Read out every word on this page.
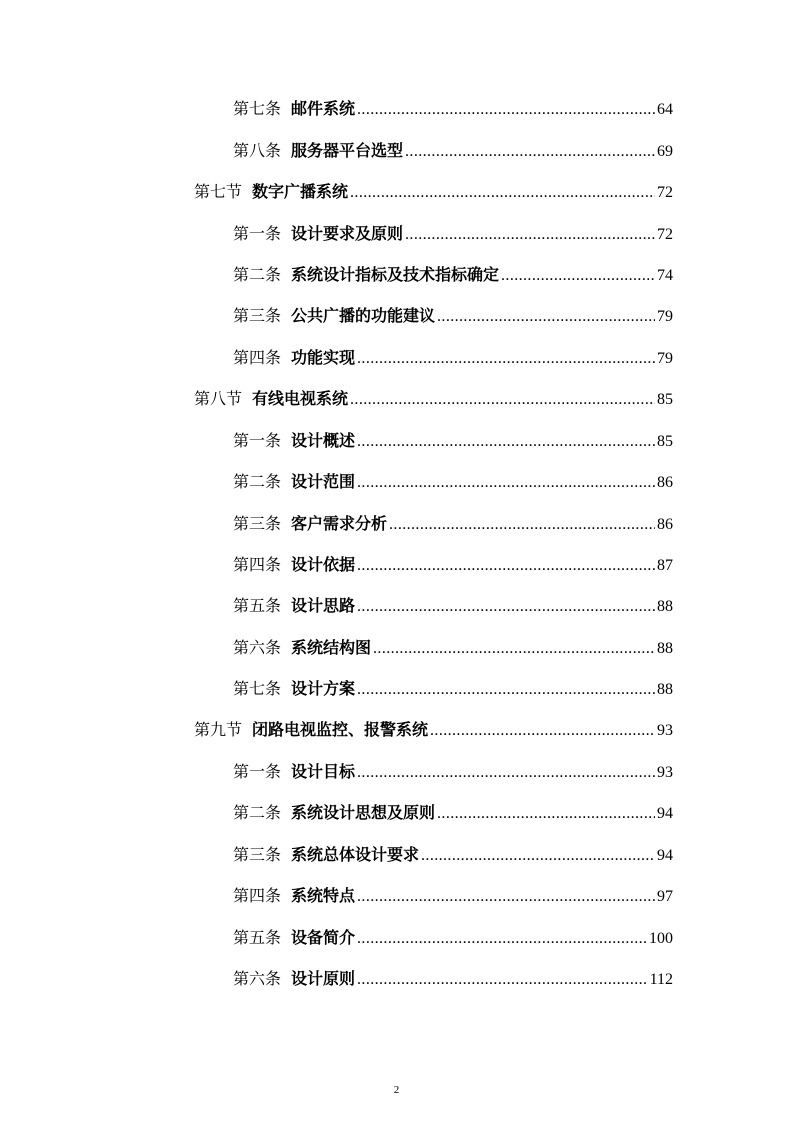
第七条 邮件系统 .....	64
第八条 服务器平台选型 .....	69
第七节 数字广播系统 .....	72
第一条 设计要求及原则 .....	72
第二条 系统设计指标及技术指标确定 .....	74
第三条 公共广播的功能建议 .....	79
第四条 功能实现 .....	79
第八节 有线电视系统 .....	85
第一条 设计概述 .....	85
第二条 设计范围 .....	86
第三条 客户需求分析 .....	86
第四条 设计依据 .....	87
第五条 设计思路 .....	88
第六条 系统结构图 .....	88
第七条 设计方案 .....	88
第九节 闭路电视监控、报警系统 .....	93
第一条 设计目标 .....	93
第二条 系统设计思想及原则 .....	94
第三条 系统总体设计要求 .....	94
第四条 系统特点 .....	97
第五条 设备简介 .....	100
第六条 设计原则 .....	112
2
